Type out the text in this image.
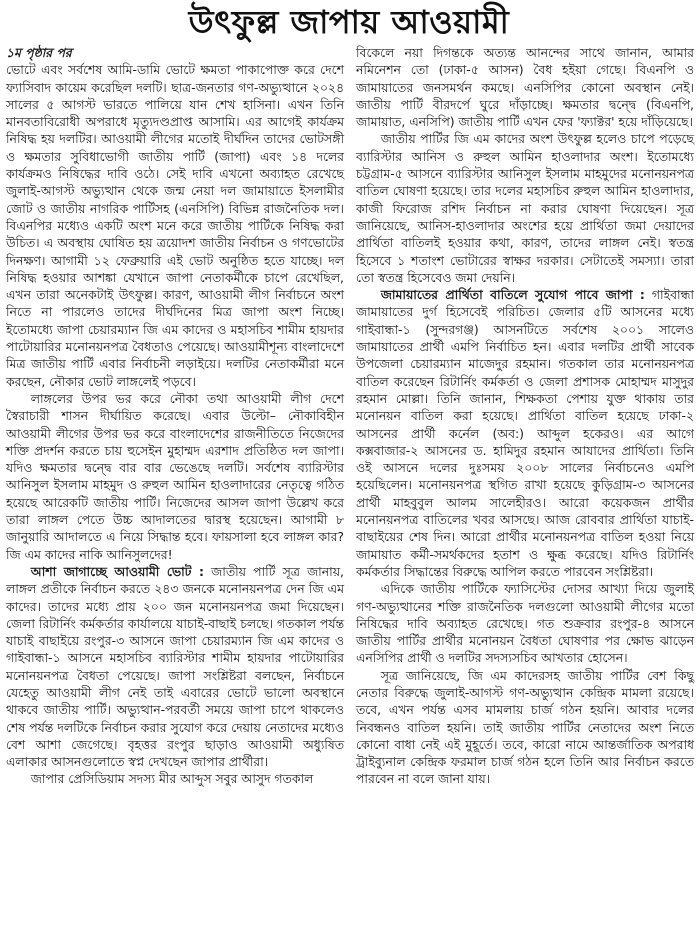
উৎফুল্ল জাপায় আওয়ামী

১ম পৃষ্ঠার পর

ভোটে এবং সর্বশেষ আমি-ডামি ভোটে ক্ষমতা পাকাপোক্ত করে দেশে ফ্যাসিবাদ কায়েম করেছিল দলটি। ছাত্র-জনতার গণ-অভ্যুত্থানে ২০২৪ সালের ৫ আগস্ট ভারতে পালিয়ে যান শেখ হাসিনা। এখন তিনি মানবতাবিরোধী অপরাধে মৃত্যুদণ্ডপ্রাপ্ত আসামি। এর আগেই কার্যক্রম নিষিদ্ধ হয় দলটির। আওয়ামী লীগের মতোই দীর্ঘদিন তাদের ভোটসঙ্গী ও ক্ষমতার সুবিধাভোগী জাতীয় পার্টি (জাপা) এবং ১৪ দলের কার্যক্রমও নিষিদ্ধের দাবি ওঠে। সেই দাবি এখনো অব্যাহত রেখেছে জুলাই-আগস্ট অভ্যুত্থান থেকে জন্ম নেয়া দল জামায়াতে ইসলামীর জোট ও জাতীয় নাগরিক পার্টিসহ (এনসিপি) বিভিন্ন রাজনৈতিক দল। বিএনপির মধ্যেও একটি অংশ মনে করে জাতীয় পার্টিকে নিষিদ্ধ করা উচিত। এ অবস্থায় ঘোষিত হয় ত্রয়োদশ জাতীয় নির্বাচন ও গণভোটের দিনক্ষণ। আগামী ১২ ফেব্রুয়ারি এই ভোট অনুষ্ঠিত হতে যাচ্ছে। দল নিষিদ্ধ হওয়ার আশঙ্কা যেখানে জাপা নেতাকর্মীকে চাপে রেখেছিল, এখন তারা অনেকটাই উৎফুল্ল। কারণ, আওয়ামী লীগ নির্বাচনে অংশ নিতে না পারলেও তাদের দীর্ঘদিনের মিত্র জাপা অংশ নিচ্ছে। ইতোমধ্যে জাপা চেয়ারম্যান জি এম কাদের ও মহাসচিব শামীম হায়দার পাটোয়ারির মনোনয়নপত্র বৈধতাও পেয়েছে। আওয়ামীশূন্য বাংলাদেশে মিত্র জাতীয় পার্টি এবার নির্বাচনী লড়াইয়ে। দলটির নেতাকর্মীরা মনে করছেন, নৌকার ভোট লাঙ্গলেই পড়বে।

লাঙ্গলের উপর ভর করে নৌকা তথা আওয়ামী লীগ দেশে স্বৈরাচারী শাসন দীর্ঘায়িত করেছে। এবার উল্টো– নৌকাবিহীন আওয়ামী লীগের উপর ভর করে বাংলাদেশের রাজনীতিতে নিজেদের শক্তি প্রদর্শন করতে চায় হুসেইন মুহাম্মদ এরশাদ প্রতিষ্ঠিত দল জাপা। যদিও ক্ষমতার দ্বন্দ্বে বার বার ভেঙেছে দলটি। সর্বশেষ ব্যারিস্টার আনিসুল ইসলাম মাহমুদ ও রুহুল আমিন হাওলাদারের নেতৃত্বে গঠিত হয়েছে আরেকটি জাতীয় পার্টি। নিজেদের আসল জাপা উল্লেখ করে তারা লাঙ্গল পেতে উচ্চ আদালতের দ্বারস্থ হয়েছেন। আগামী ৮ জানুয়ারি আদালতে এ নিয়ে সিদ্ধান্ত হবে। ফায়সালা হবে লাঙ্গল কার? জি এম কাদের নাকি আনিসুলদের!

আশা জাগাচ্ছে আওয়ামী ভোট : জাতীয় পার্টি সূত্র জানায়, লাঙ্গল প্রতীকে নির্বাচন করতে ২৪৩ জনকে মনোনয়নপত্র দেন জি এম কাদের। তাদের মধ্যে প্রায় ২০০ জন মনোনয়নপত্র জমা দিয়েছেন। জেলা রিটার্নিং কর্মকর্তার কার্যালয়ে যাচাই-বাছাই চলছে। গতকাল পর্যন্ত যাচাই বাছাইয়ে রংপুর-৩ আসনে জাপা চেয়ারম্যান জি এম কাদের ও গাইবান্ধা-১ আসনে মহাসচিব ব্যারিস্টার শামীম হায়দার পাটোয়ারির মনোনয়নপত্র বৈধতা পেয়েছে। জাপা সংশ্লিষ্টরা বলছেন, নির্বাচনে যেহেতু আওয়ামী লীগ নেই তাই এবারের ভোটে ভালো অবস্থানে থাকবে জাতীয় পার্টি। অভ্যুত্থান-পরবর্তী সময়ে জাপা চাপে থাকলেও শেষ পর্যন্ত দলটিকে নির্বাচন করার সুযোগ করে দেয়ায় নেতাদের মধ্যেও বেশ আশা জেগেছে। বৃহত্তর রংপুর ছাড়াও আওয়ামী অধ্যুষিত এলাকার আসনগুলোতে স্বপ্ন দেখছেন জাপার প্রার্থীরা।

জাপার প্রেসিডিয়াম সদস্য মীর আব্দুস সবুর আসুদ গতকাল

বিকেলে নয়া দিগন্তকে অত্যন্ত আনন্দের সাথে জানান, আমার নমিনেশন তো (ঢাকা-৫ আসন) বৈধ হইয়া গেছে। বিএনপি ও জামায়াতের জনসমর্থন কমছে। এনসিপির কোনো অবস্থান নেই। জাতীয় পার্টি বীরদর্পে ঘুরে দাঁড়াচ্ছে। ক্ষমতার দ্বন্দ্বে (বিএনপি, জামায়াত, এনসিপি) জাতীয় পার্টি এখন ফের 'ফ্যাক্টর' হয়ে দাঁড়িয়েছে।

জাতীয় পার্টির জি এম কাদের অংশ উৎফুল্ল হলেও চাপে পড়েছে ব্যারিস্টার আনিস ও রুহুল আমিন হাওলাদার অংশ। ইতোমধ্যে চট্টগ্রাম-৫ আসনে ব্যারিস্টার আনিসুল ইসলাম মাহমুদের মনোনয়নপত্র বাতিল ঘোষণা হয়েছে। তার দলের মহাসচিব রুহুল আমিন হাওলাদার, কাজী ফিরোজ রশিদ নির্বাচন না করার ঘোষণা দিয়েছেন। সূত্র জানিয়েছে, আনিস-হাওলাদার অংশের হয়ে প্রার্থিতা জমা দেয়াদের প্রার্থিতা বাতিলই হওয়ার কথা, কারণ, তাদের লাঙ্গল নেই। স্বতন্ত্র হিসেবে ১ শতাংশ ভোটারের স্বাক্ষর দরকার। সেটাতেই সমস্যা। তারা তো স্বতন্ত্র হিসেবেও জমা দেয়নি।

জামায়াতের প্রার্থিতা বাতিলে সুযোগ পাবে জাপা : গাইবান্ধা জামায়াতের দুর্গ হিসেবেই পরিচিত। জেলার ৫টি আসনের মধ্যে গাইবান্ধা-১ (সুন্দরগঞ্জ) আসনটিতে সর্বশেষ ২০০১ সালেও জামায়াতের প্রার্থী এমপি নির্বাচিত হন। এবার দলটির প্রার্থী সাবেক উপজেলা চেয়ারম্যান মাজেদুর রহমান। গতকাল তার মনোনয়নপত্র বাতিল করেছেন রিটার্নিং কর্মকর্তা ও জেলা প্রশাসক মোহাম্মদ মাসুদুর রহমান মোল্লা। তিনি জানান, শিক্ষকতা পেশায় যুক্ত থাকায় তার মনোনয়ন বাতিল করা হয়েছে। প্রার্থিতা বাতিল হয়েছে ঢাকা-২ আসনের প্রার্থী কর্নেল (অব:) আব্দুল হকেরও। এর আগে কক্সবাজার-২ আসনের ড. হামিদুর রহমান আযাদের প্রার্থিতা। তিনি ওই আসনে দলের দুঃসময় ২০০৮ সালের নির্বাচনেও এমপি হয়েছিলেন। মনোনয়নপত্র স্থগিত রাখা হয়েছে কুড়িগ্রাম-৩ আসনের প্রার্থী মাহবুবুল আলম সালেহীরও। আরো কয়েকজন প্রার্থীর মনোনয়নপত্র বাতিলের খবর আসছে। আজ রোববার প্রার্থিতা যাচাই-বাছাইয়ের শেষ দিন। আরো প্রার্থীর মনোনয়নপত্র বাতিল হওয়া নিয়ে জামায়াত কর্মী-সমর্থকদের হতাশ ও ক্ষুব্ধ করেছে। যদিও রিটার্নিং কর্মকর্তার সিদ্ধান্তের বিরুদ্ধে আপিল করতে পারবেন সংশ্লিষ্টরা।

এদিকে জাতীয় পার্টিকে ফ্যাসিস্টের দোসর আখ্যা দিয়ে জুলাই গণ-অভ্যুত্থানের শক্তি রাজনৈতিক দলগুলো আওয়ামী লীগের মতো নিষিদ্ধের দাবি অব্যাহত রেখেছে। গত শুক্রবার রংপুর-৪ আসনে জাতীয় পার্টির প্রার্থীর মনোনয়ন বৈধতা ঘোষণার পর ক্ষোভ ঝাড়েন এনসিপির প্রার্থী ও দলটির সদস্যসচিব আখতার হোসেন।

সূত্র জানিয়েছে, জি এম কাদেরসহ জাতীয় পার্টির বেশ কিছু নেতার বিরুদ্ধে জুলাই-আগস্ট গণ-অভ্যুত্থান কেন্দ্রিক মামলা রয়েছে। তবে, এখন পর্যন্ত এসব মামলায় চার্জ গঠন হয়নি। আবার দলের নিবন্ধনও বাতিল হয়নি। তাই জাতীয় পার্টির নেতাদের অংশ নিতে কোনো বাধা নেই এই মুহূর্তে। তবে, কারো নামে আন্তর্জাতিক অপরাধ ট্রাইব্যুনাল কেন্দ্রিক ফরমাল চার্জ গঠন হলে তিনি আর নির্বাচন করতে পারবেন না বলে জানা যায়।
